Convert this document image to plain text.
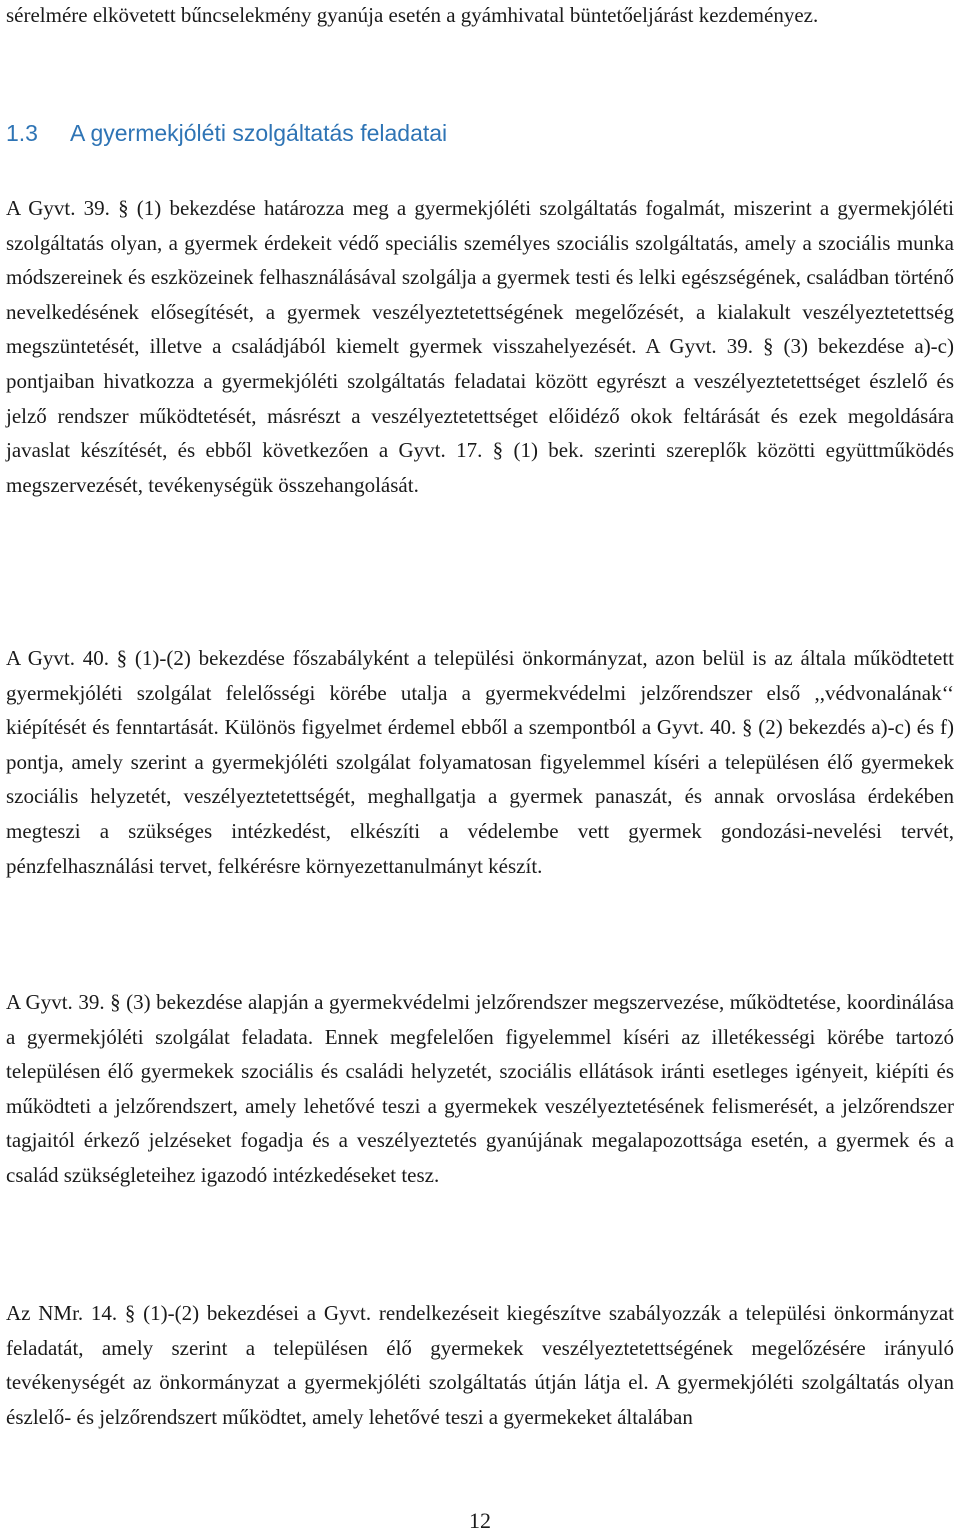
sérelmére elkövetett bűncselekmény gyanúja esetén a gyámhivatal büntetőeljárást kezdeményez.

1.3 A gyermekjóléti szolgáltatás feladatai

A Gyvt. 39. § (1) bekezdése határozza meg a gyermekjóléti szolgáltatás fogalmát, miszerint a gyermekjóléti szolgáltatás olyan, a gyermek érdekeit védő speciális személyes szociális szolgáltatás, amely a szociális munka módszereinek és eszközeinek felhasználásával szolgálja a gyermek testi és lelki egészségének, családban történő nevelkedésének elősegítését, a gyermek veszélyeztetettségének megelőzését, a kialakult veszélyeztetettség megszüntetését, illetve a családjából kiemelt gyermek visszahelyezését. A Gyvt. 39. § (3) bekezdése a)-c) pontjaiban hivatkozza a gyermekjóléti szolgáltatás feladatai között egyrészt a veszélyeztetettséget észlelő és jelző rendszer működtetését, másrészt a veszélyeztetettséget előidéző okok feltárását és ezek megoldására javaslat készítését, és ebből következően a Gyvt. 17. § (1) bek. szerinti szereplők közötti együttműködés megszervezését, tevékenységük összehangolását.

A Gyvt. 40. § (1)-(2) bekezdése főszabályként a települési önkormányzat, azon belül is az általa működtetett gyermekjóléti szolgálat felelősségi körébe utalja a gyermekvédelmi jelzőrendszer első ,,védvonalának‘‘ kiépítését és fenntartását. Különös figyelmet érdemel ebből a szempontból a Gyvt. 40. § (2) bekezdés a)-c) és f) pontja, amely szerint a gyermekjóléti szolgálat folyamatosan figyelemmel kíséri a településen élő gyermekek szociális helyzetét, veszélyeztetettségét, meghallgatja a gyermek panaszát, és annak orvoslása érdekében megteszi a szükséges intézkedést, elkészíti a védelembe vett gyermek gondozási-nevelési tervét, pénzfelhasználási tervet, felkérésre környezettanulmányt készít.

A Gyvt. 39. § (3) bekezdése alapján a gyermekvédelmi jelzőrendszer megszervezése, működtetése, koordinálása a gyermekjóléti szolgálat feladata. Ennek megfelelően figyelemmel kíséri az illetékességi körébe tartozó településen élő gyermekek szociális és családi helyzetét, szociális ellátások iránti esetleges igényeit, kiépíti és működteti a jelzőrendszert, amely lehetővé teszi a gyermekek veszélyeztetésének felismerését, a jelzőrendszer tagjaitól érkező jelzéseket fogadja és a veszélyeztetés gyanújának megalapozottsága esetén, a gyermek és a család szükségleteihez igazodó intézkedéseket tesz.

Az NMr. 14. § (1)-(2) bekezdései a Gyvt. rendelkezéseit kiegészítve szabályozzák a települési önkormányzat feladatát, amely szerint a településen élő gyermekek veszélyeztetettségének megelőzésére irányuló tevékenységét az önkormányzat a gyermekjóléti szolgáltatás útján látja el. A gyermekjóléti szolgáltatás olyan észlelő- és jelzőrendszert működtet, amely lehetővé teszi a gyermekeket általában

12
